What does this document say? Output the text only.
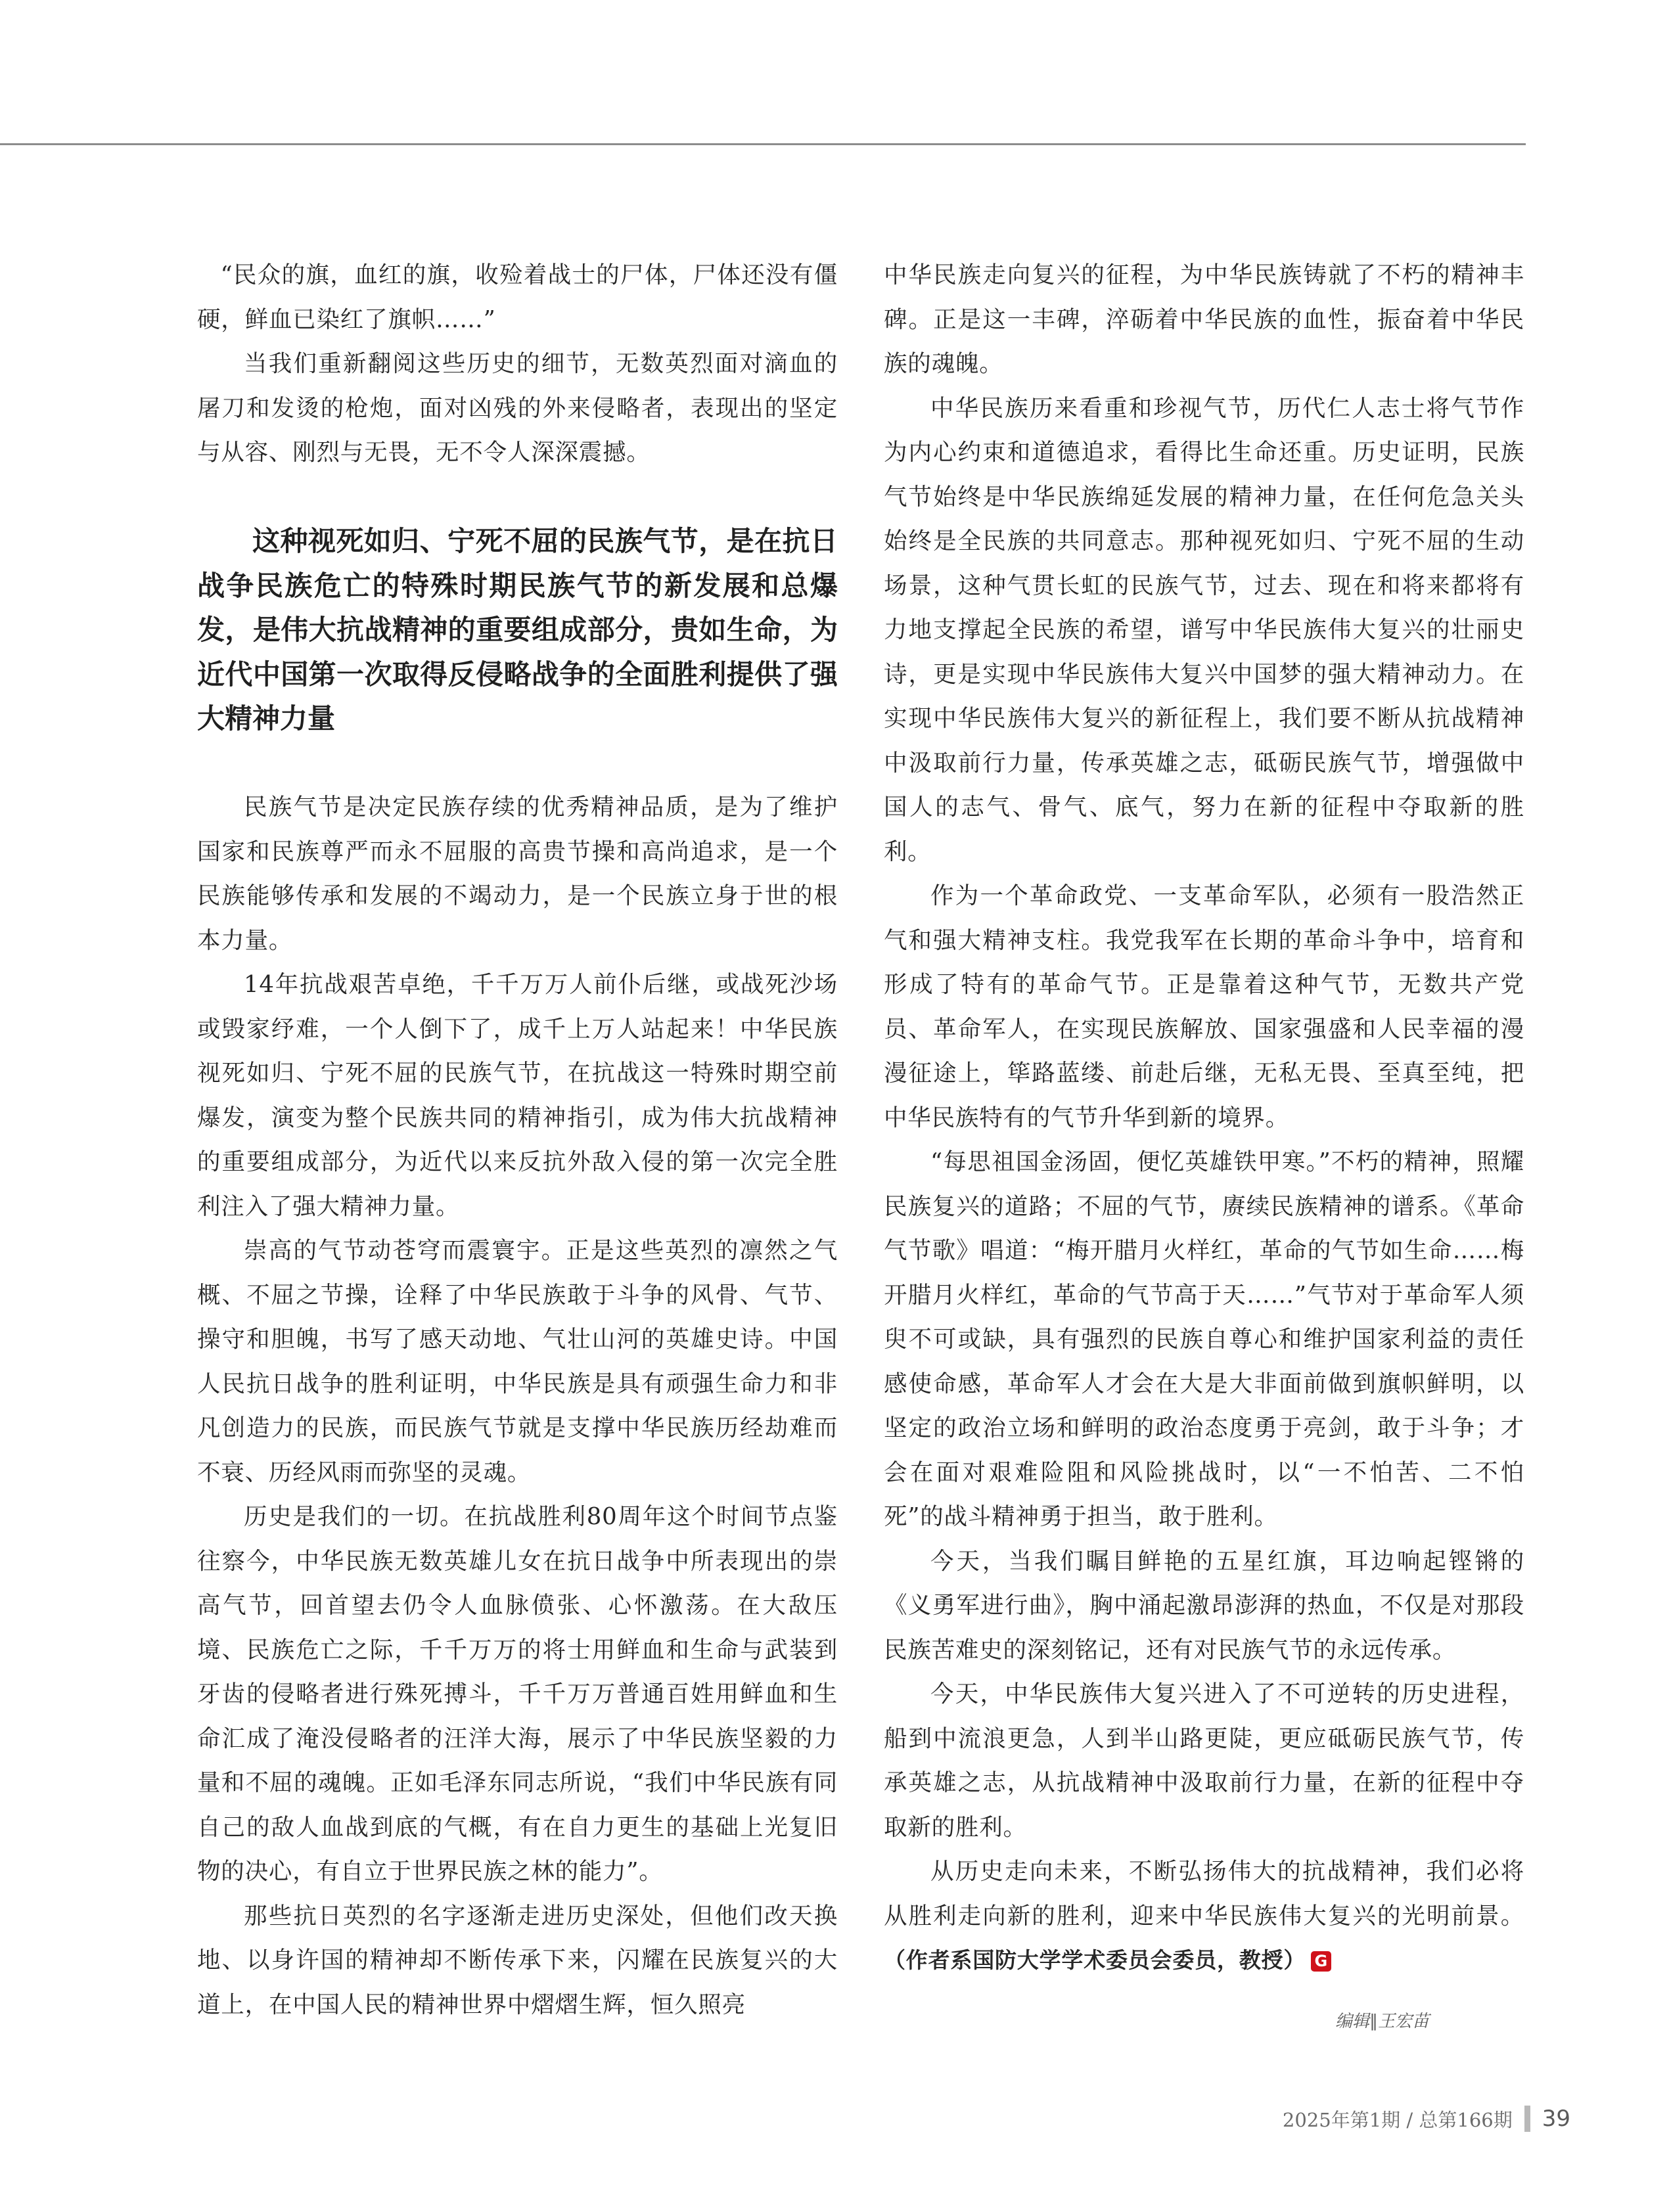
“民众的旗，血红的旗，收殓着战士的尸体，尸体还没有僵硬，鲜血已染红了旗帜……”

当我们重新翻阅这些历史的细节，无数英烈面对滴血的屠刀和发烫的枪炮，面对凶残的外来侵略者，表现出的坚定与从容、刚烈与无畏，无不令人深深震撼。

这种视死如归、宁死不屈的民族气节，是在抗日战争民族危亡的特殊时期民族气节的新发展和总爆发，是伟大抗战精神的重要组成部分，贵如生命，为近代中国第一次取得反侵略战争的全面胜利提供了强大精神力量

民族气节是决定民族存续的优秀精神品质，是为了维护国家和民族尊严而永不屈服的高贵节操和高尚追求，是一个民族能够传承和发展的不竭动力，是一个民族立身于世的根本力量。

14年抗战艰苦卓绝，千千万万人前仆后继，或战死沙场或毁家纾难，一个人倒下了，成千上万人站起来！中华民族视死如归、宁死不屈的民族气节，在抗战这一特殊时期空前爆发，演变为整个民族共同的精神指引，成为伟大抗战精神的重要组成部分，为近代以来反抗外敌入侵的第一次完全胜利注入了强大精神力量。

崇高的气节动苍穹而震寰宇。正是这些英烈的凛然之气概、不屈之节操，诠释了中华民族敢于斗争的风骨、气节、操守和胆魄，书写了感天动地、气壮山河的英雄史诗。中国人民抗日战争的胜利证明，中华民族是具有顽强生命力和非凡创造力的民族，而民族气节就是支撑中华民族历经劫难而不衰、历经风雨而弥坚的灵魂。

历史是我们的一切。在抗战胜利80周年这个时间节点鉴往察今，中华民族无数英雄儿女在抗日战争中所表现出的崇高气节，回首望去仍令人血脉偾张、心怀激荡。在大敌压境、民族危亡之际，千千万万的将士用鲜血和生命与武装到牙齿的侵略者进行殊死搏斗，千千万万普通百姓用鲜血和生命汇成了淹没侵略者的汪洋大海，展示了中华民族坚毅的力量和不屈的魂魄。正如毛泽东同志所说，“我们中华民族有同自己的敌人血战到底的气概，有在自力更生的基础上光复旧物的决心，有自立于世界民族之林的能力”。

那些抗日英烈的名字逐渐走进历史深处，但他们改天换地、以身许国的精神却不断传承下来，闪耀在民族复兴的大道上，在中国人民的精神世界中熠熠生辉，恒久照亮

中华民族走向复兴的征程，为中华民族铸就了不朽的精神丰碑。正是这一丰碑，淬砺着中华民族的血性，振奋着中华民族的魂魄。

中华民族历来看重和珍视气节，历代仁人志士将气节作为内心约束和道德追求，看得比生命还重。历史证明，民族气节始终是中华民族绵延发展的精神力量，在任何危急关头始终是全民族的共同意志。那种视死如归、宁死不屈的生动场景，这种气贯长虹的民族气节，过去、现在和将来都将有力地支撑起全民族的希望，谱写中华民族伟大复兴的壮丽史诗，更是实现中华民族伟大复兴中国梦的强大精神动力。在实现中华民族伟大复兴的新征程上，我们要不断从抗战精神中汲取前行力量，传承英雄之志，砥砺民族气节，增强做中国人的志气、骨气、底气，努力在新的征程中夺取新的胜利。

作为一个革命政党、一支革命军队，必须有一股浩然正气和强大精神支柱。我党我军在长期的革命斗争中，培育和形成了特有的革命气节。正是靠着这种气节，无数共产党员、革命军人，在实现民族解放、国家强盛和人民幸福的漫漫征途上，筚路蓝缕、前赴后继，无私无畏、至真至纯，把中华民族特有的气节升华到新的境界。

“每思祖国金汤固，便忆英雄铁甲寒。”不朽的精神，照耀民族复兴的道路；不屈的气节，赓续民族精神的谱系。《革命气节歌》唱道：“梅开腊月火样红，革命的气节如生命……梅开腊月火样红，革命的气节高于天……”气节对于革命军人须臾不可或缺，具有强烈的民族自尊心和维护国家利益的责任感使命感，革命军人才会在大是大非面前做到旗帜鲜明，以坚定的政治立场和鲜明的政治态度勇于亮剑，敢于斗争；才会在面对艰难险阻和风险挑战时，以“一不怕苦、二不怕死”的战斗精神勇于担当，敢于胜利。

今天，当我们瞩目鲜艳的五星红旗，耳边响起铿锵的《义勇军进行曲》，胸中涌起激昂澎湃的热血，不仅是对那段民族苦难史的深刻铭记，还有对民族气节的永远传承。

今天，中华民族伟大复兴进入了不可逆转的历史进程，船到中流浪更急，人到半山路更陡，更应砥砺民族气节，传承英雄之志，从抗战精神中汲取前行力量，在新的征程中夺取新的胜利。

从历史走向未来，不断弘扬伟大的抗战精神，我们必将从胜利走向新的胜利，迎来中华民族伟大复兴的光明前景。（作者系国防大学学术委员会委员，教授） G

编辑∥王宏苗
2025年第1期 / 总第166期 39
